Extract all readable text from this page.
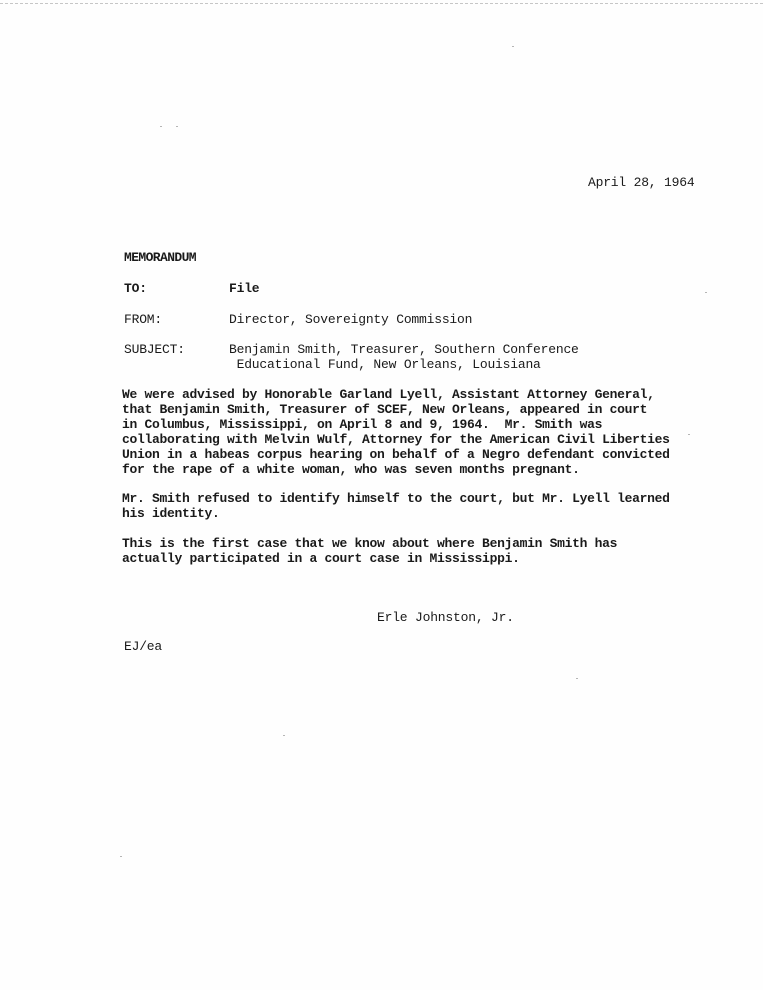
April 28, 1964
MEMORANDUM
TO:	File
FROM:	Director, Sovereignty Commission
SUBJECT:	Benjamin Smith, Treasurer, Southern Conference
Educational Fund, New Orleans, Louisiana
We were advised by Honorable Garland Lyell, Assistant Attorney General,
that Benjamin Smith, Treasurer of SCEF, New Orleans, appeared in court
in Columbus, Mississippi, on April 8 and 9, 1964.  Mr. Smith was
collaborating with Melvin Wulf, Attorney for the American Civil Liberties
Union in a habeas corpus hearing on behalf of a Negro defendant convicted
for the rape of a white woman, who was seven months pregnant.
Mr. Smith refused to identify himself to the court, but Mr. Lyell learned
his identity.
This is the first case that we know about where Benjamin Smith has
actually participated in a court case in Mississippi.
Erle Johnston, Jr.
EJ/ea
